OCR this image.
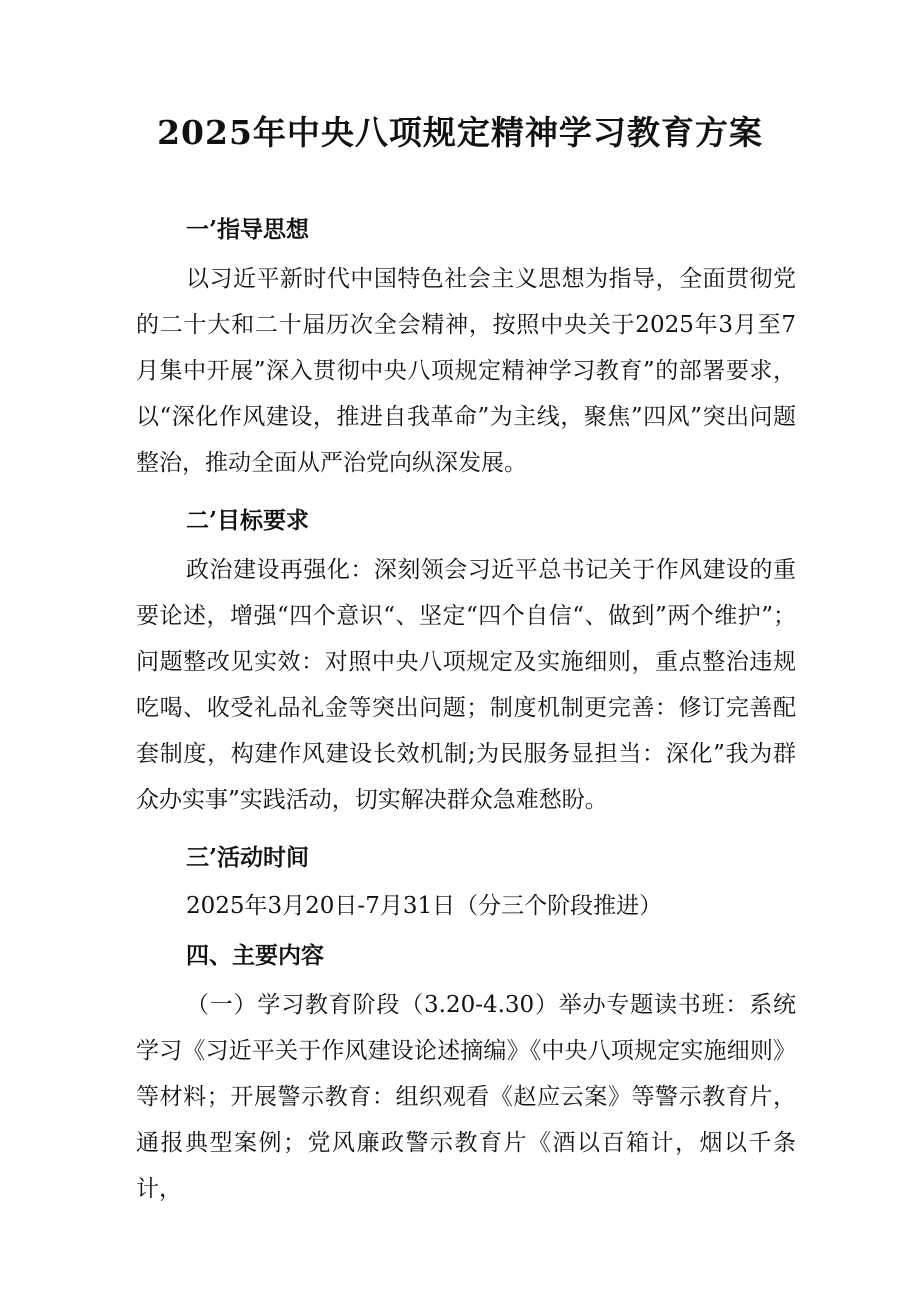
2025年中央八项规定精神学习教育方案
一’指导思想
以习近平新时代中国特色社会主义思想为指导，全面贯彻党的二十大和二十届历次全会精神，按照中央关于2025年3月至7月集中开展”深入贯彻中央八项规定精神学习教育”的部署要求，以“深化作风建设，推进自我革命”为主线，聚焦”四风”突出问题整治，推动全面从严治党向纵深发展。
二’目标要求
政治建设再强化：深刻领会习近平总书记关于作风建设的重要论述，增强“四个意识“、坚定“四个自信“、做到”两个维护”；问题整改见实效：对照中央八项规定及实施细则，重点整治违规吃喝、收受礼品礼金等突出问题；制度机制更完善：修订完善配套制度，构建作风建设长效机制;为民服务显担当：深化”我为群众办实事”实践活动，切实解决群众急难愁盼。
三’活动时间
2025年3月20日-7月31日（分三个阶段推进）
四、主要内容
（一）学习教育阶段（3.20-4.30）举办专题读书班：系统学习《习近平关于作风建设论述摘编》《中央八项规定实施细则》等材料；开展警示教育：组织观看《赵应云案》等警示教育片，通报典型案例；党风廉政警示教育片《酒以百箱计，烟以千条计，
